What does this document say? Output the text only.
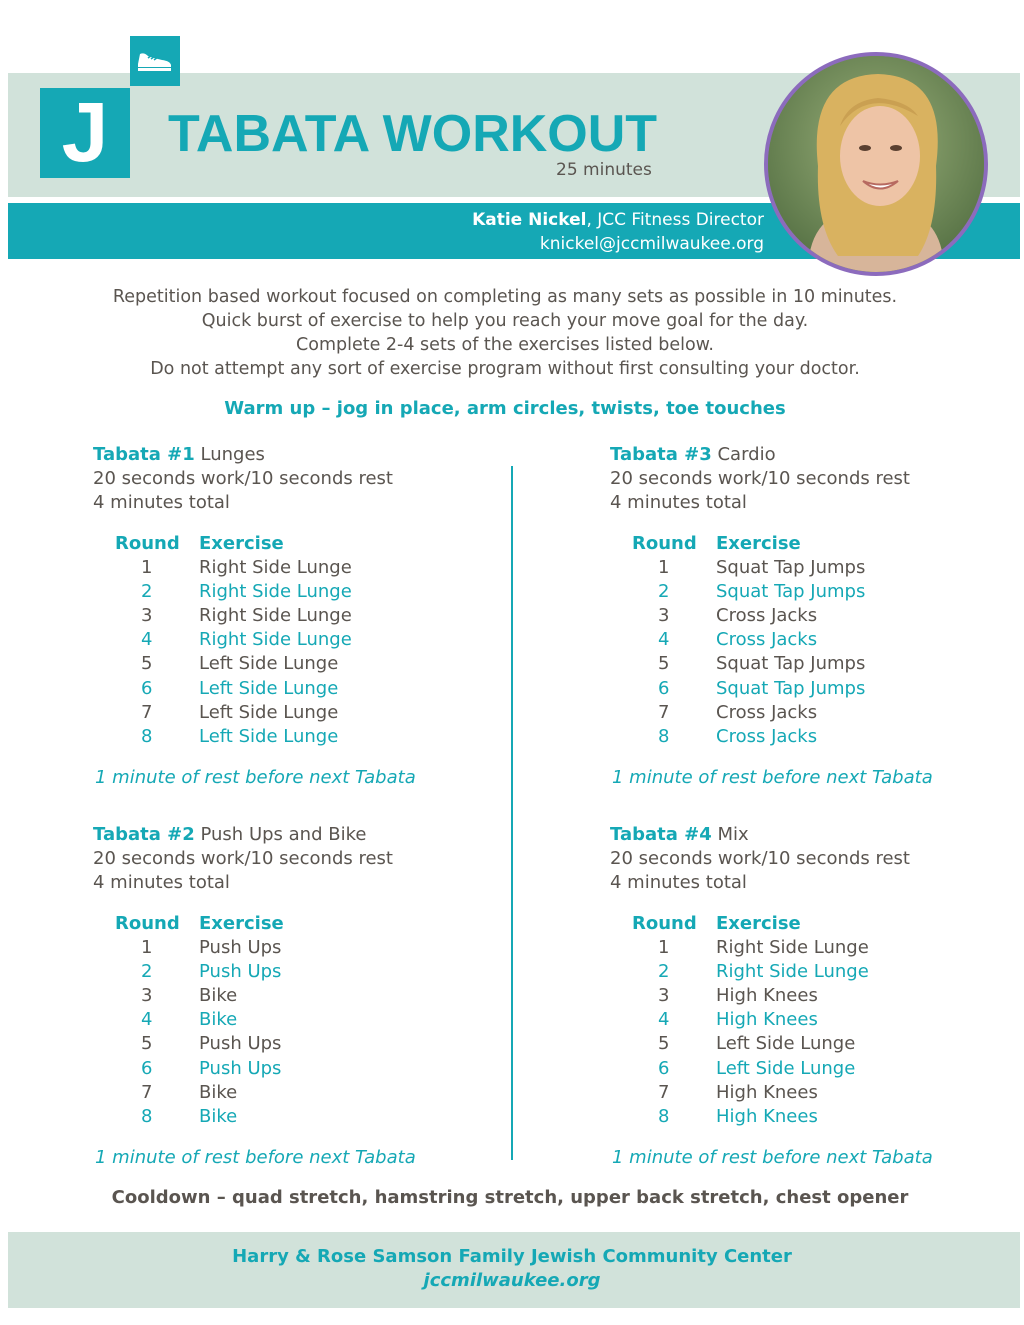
J	TABATA WORKOUT
25 minutes
Katie Nickel, JCC Fitness Director
knickel@jccmilwaukee.org
Repetition based workout focused on completing as many sets as possible in 10 minutes.
Quick burst of exercise to help you reach your move goal for the day.
Complete 2-4 sets of the exercises listed below.
Do not attempt any sort of exercise program without first consulting your doctor.
Warm up – jog in place, arm circles, twists, toe touches
Tabata #1 Lunges
20 seconds work/10 seconds rest
4 minutes total
Round	Exercise
1	Right Side Lunge
2	Right Side Lunge
3	Right Side Lunge
4	Right Side Lunge
5	Left Side Lunge
6	Left Side Lunge
7	Left Side Lunge
8	Left Side Lunge
1 minute of rest before next Tabata
Tabata #2 Push Ups and Bike
20 seconds work/10 seconds rest
4 minutes total
Round	Exercise
1	Push Ups
2	Push Ups
3	Bike
4	Bike
5	Push Ups
6	Push Ups
7	Bike
8	Bike
1 minute of rest before next Tabata
Tabata #3 Cardio
20 seconds work/10 seconds rest
4 minutes total
Round	Exercise
1	Squat Tap Jumps
2	Squat Tap Jumps
3	Cross Jacks
4	Cross Jacks
5	Squat Tap Jumps
6	Squat Tap Jumps
7	Cross Jacks
8	Cross Jacks
1 minute of rest before next Tabata
Tabata #4 Mix
20 seconds work/10 seconds rest
4 minutes total
Round	Exercise
1	Right Side Lunge
2	Right Side Lunge
3	High Knees
4	High Knees
5	Left Side Lunge
6	Left Side Lunge
7	High Knees
8	High Knees
1 minute of rest before next Tabata
Cooldown – quad stretch, hamstring stretch, upper back stretch, chest opener
Harry & Rose Samson Family Jewish Community Center
jccmilwaukee.org
